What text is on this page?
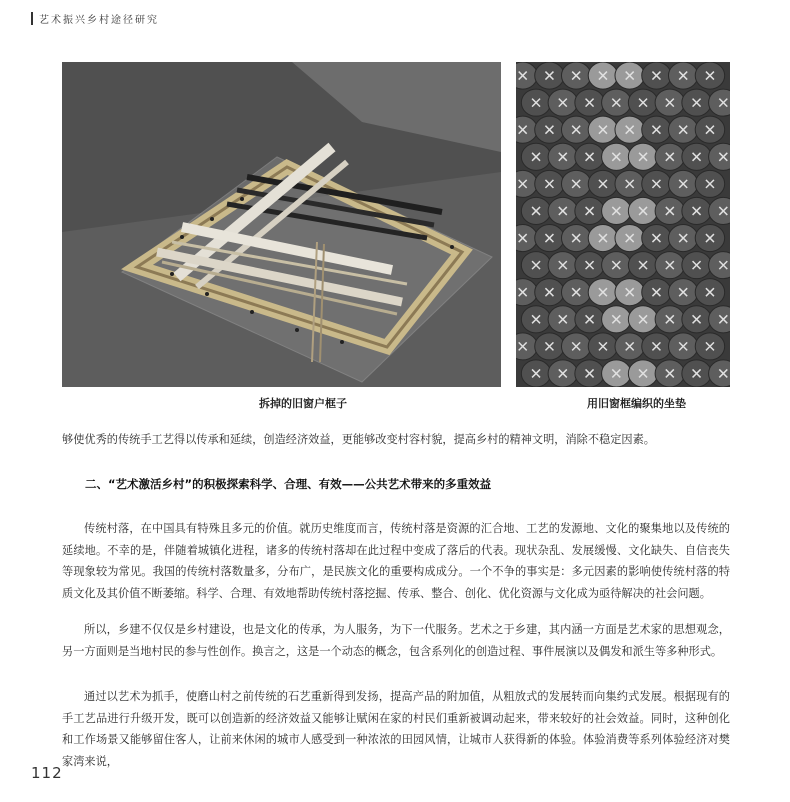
艺术振兴乡村途径研究
拆掉的旧窗户框子	用旧窗框编织的坐垫

够使优秀的传统手工艺得以传承和延续，创造经济效益，更能够改变村容村貌，提高乡村的精神文明，消除不稳定因素。

二、“艺术激活乡村”的积极探索科学、合理、有效——公共艺术带来的多重效益

传统村落，在中国具有特殊且多元的价值。就历史维度而言，传统村落是资源的汇合地、工艺的发源地、文化的聚集地以及传统的延续地。不幸的是，伴随着城镇化进程，诸多的传统村落却在此过程中变成了落后的代表。现状杂乱、发展缓慢、文化缺失、自信丧失等现象较为常见。我国的传统村落数量多，分布广，是民族文化的重要构成成分。一个不争的事实是：多元因素的影响使传统村落的特质文化及其价值不断萎缩。科学、合理、有效地帮助传统村落挖掘、传承、整合、创化、优化资源与文化成为亟待解决的社会问题。

所以，乡建不仅仅是乡村建设，也是文化的传承，为人服务，为下一代服务。艺术之于乡建，其内涵一方面是艺术家的思想观念，另一方面则是当地村民的参与性创作。换言之，这是一个动态的概念，包含系列化的创造过程、事件展演以及偶发和派生等多种形式。

通过以艺术为抓手，使磨山村之前传统的石艺重新得到发扬，提高产品的附加值，从粗放式的发展转而向集约式发展。根据现有的手工艺品进行升级开发，既可以创造新的经济效益又能够让赋闲在家的村民们重新被调动起来，带来较好的社会效益。同时，这种创化和工作场景又能够留住客人，让前来休闲的城市人感受到一种浓浓的田园风情，让城市人获得新的体验。体验消费等系列体验经济对樊家湾来说，

112
